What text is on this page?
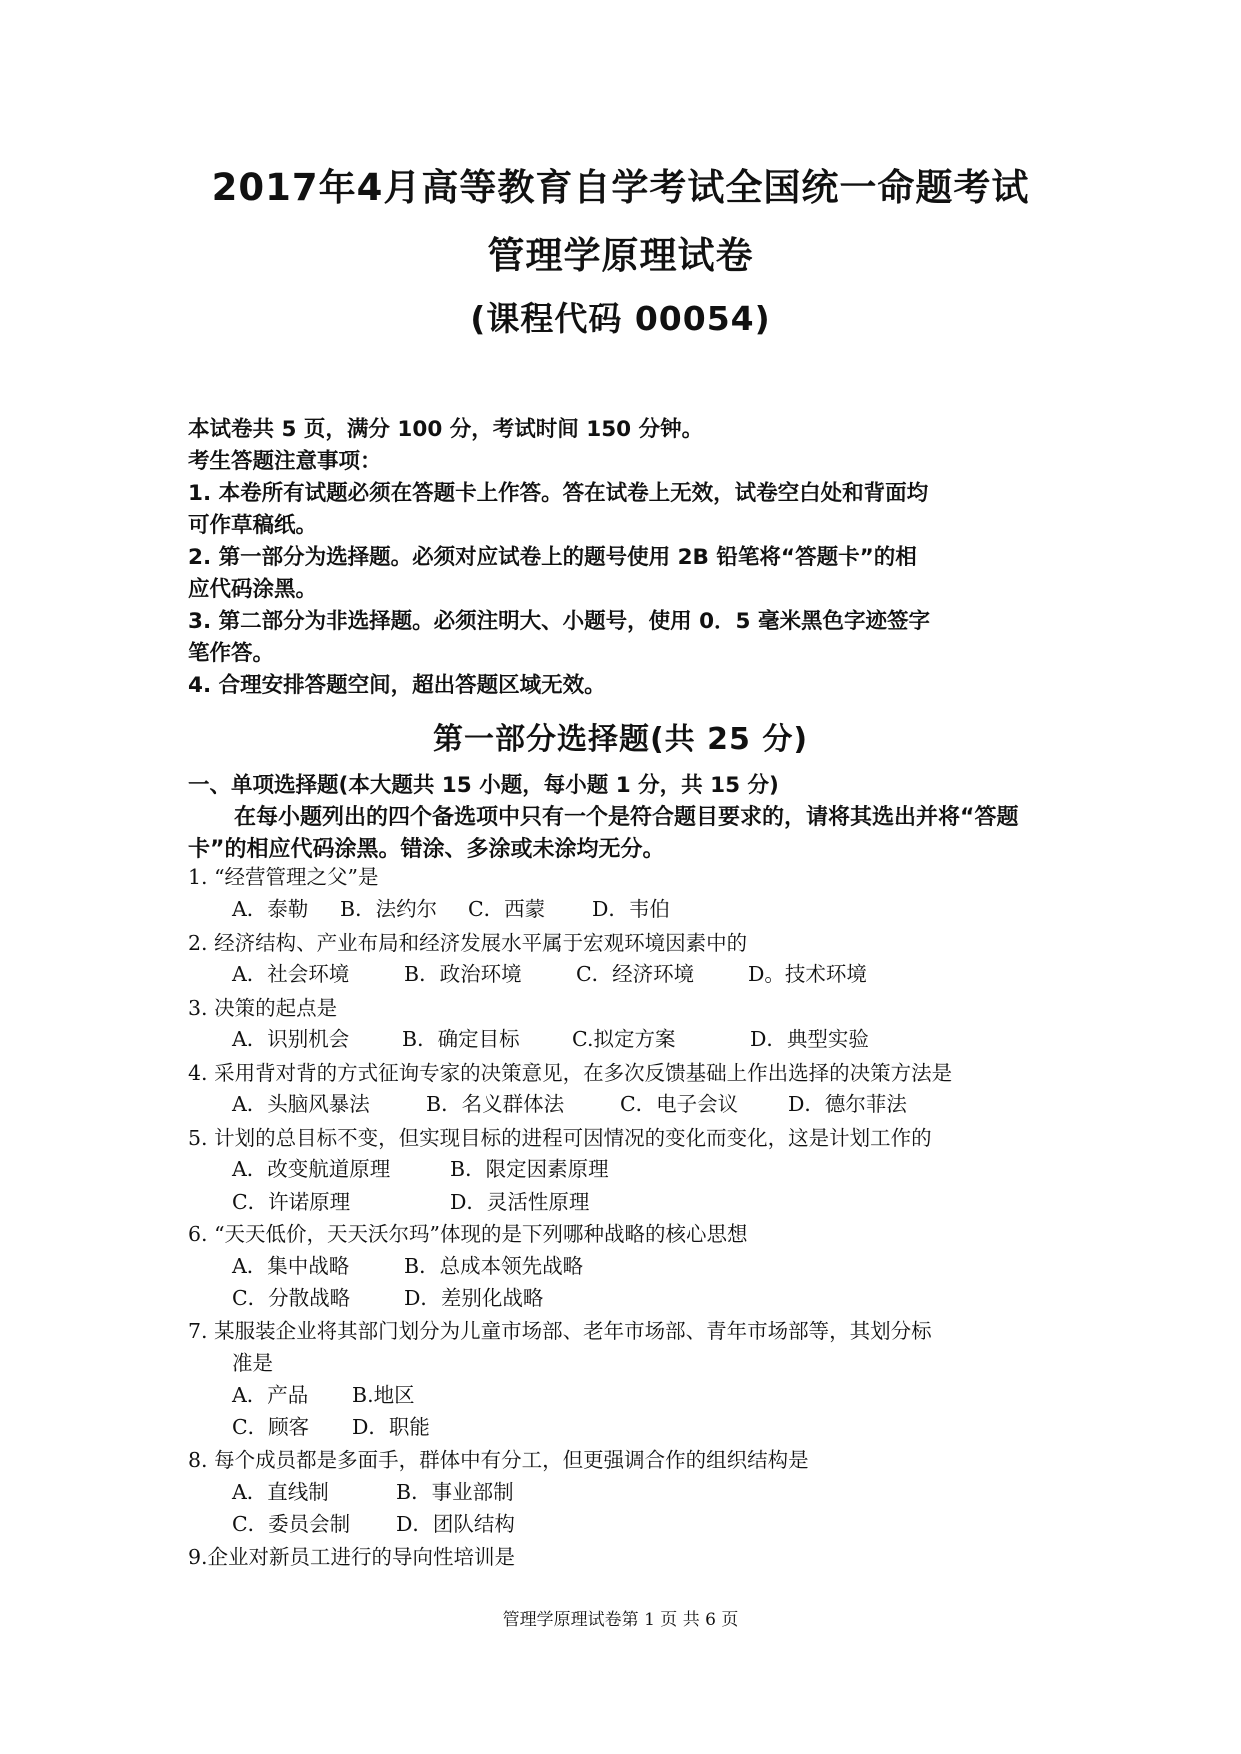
2017年4月高等教育自学考试全国统一命题考试
管理学原理试卷
(课程代码 00054)
本试卷共 5 页，满分 100 分，考试时间 150 分钟。
考生答题注意事项：
1. 本卷所有试题必须在答题卡上作答。答在试卷上无效，试卷空白处和背面均
可作草稿纸。
2. 第一部分为选择题。必须对应试卷上的题号使用 2B 铅笔将“答题卡”的相
应代码涂黑。
3. 第二部分为非选择题。必须注明大、小题号，使用 0．5 毫米黑色字迹签字
笔作答。
4. 合理安排答题空间，超出答题区域无效。
第一部分选择题(共 25 分)
一、单项选择题(本大题共 15 小题，每小题 1 分，共 15 分)
在每小题列出的四个备选项中只有一个是符合题目要求的，请将其选出并将“答题卡”的相应代码涂黑。错涂、多涂或未涂均无分。
1. “经营管理之父”是
A．泰勒 B．法约尔 C．西蒙 D．韦伯
2. 经济结构、产业布局和经济发展水平属于宏观环境因素中的
A．社会环境	B．政治环境	C．经济环境	D。技术环境
3. 决策的起点是
A．识别机会	B．确定目标	C.拟定方案	D．典型实验
4. 采用背对背的方式征询专家的决策意见，在多次反馈基础上作出选择的决策方法是
A．头脑风暴法	B．名义群体法	C．电子会议 D．德尔菲法
5. 计划的总目标不变，但实现目标的进程可因情况的变化而变化，这是计划工作的
A．改变航道原理	B．限定因素原理
C．许诺原理	D．灵活性原理
6. “天天低价，天天沃尔玛”体现的是下列哪种战略的核心思想
A．集中战略	B．总成本领先战略
C．分散战略	D．差别化战略
7. 某服装企业将其部门划分为儿童市场部、老年市场部、青年市场部等，其划分标
准是
A．产品 B.地区
C．顾客 D．职能
8. 每个成员都是多面手，群体中有分工，但更强调合作的组织结构是
A．直线制	B．事业部制
C．委员会制 D．团队结构
9.企业对新员工进行的导向性培训是
管理学原理试卷第 1 页 共 6 页
